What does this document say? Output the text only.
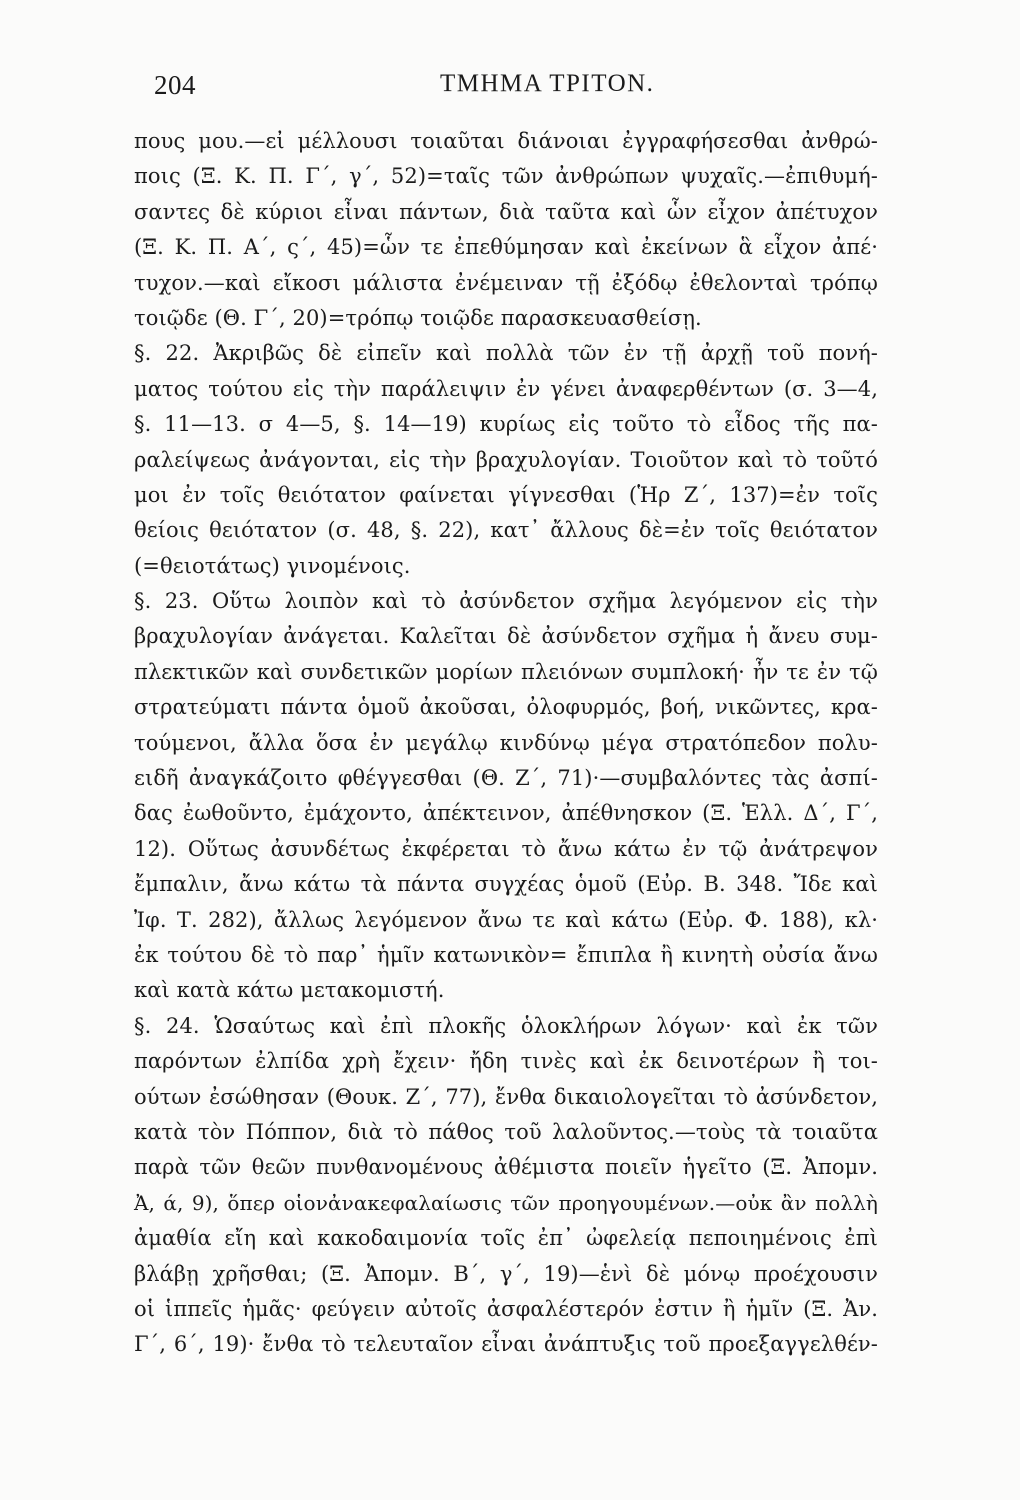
204	ΤΜΗΜΑ ΤΡΙΤΟΝ.
πους μου.—εἰ μέλλουσι τοιαῦται διάνοιαι ἐγγραφήσεσθαι ἀνθρώ-
ποις (Ξ. Κ. Π. Γ΄, γ΄, 52)=ταῖς τῶν ἀνθρώπων ψυχαῖς.—ἐπιθυμή-
σαντες δὲ κύριοι εἶναι πάντων, διὰ ταῦτα καὶ ὧν εἶχον ἀπέτυχον
(Ξ. Κ. Π. Α΄, ς΄, 45)=ὧν τε ἐπεθύμησαν καὶ ἐκείνων ἃ εἶχον ἀπέ·
τυχον.—καὶ εἴκοσι μάλιστα ἐνέμειναν τῇ ἐξόδῳ ἐθελονταὶ τρόπῳ
τοιῷδε (Θ. Γ΄, 20)=τρόπῳ τοιῷδε παρασκευασθείσῃ.
§. 22. Ἀκριβῶς δὲ εἰπεῖν καὶ πολλὰ τῶν ἐν τῇ ἀρχῇ τοῦ πονή-
ματος τούτου εἰς τὴν παράλειψιν ἐν γένει ἀναφερθέντων (σ. 3—4,
§. 11—13. σ 4—5, §. 14—19) κυρίως εἰς τοῦτο τὸ εἶδος τῆς πα-
ραλείψεως ἀνάγονται, εἰς τὴν βραχυλογίαν. Τοιοῦτον καὶ τὸ τοῦτό
μοι ἐν τοῖς θειότατον φαίνεται γίγνεσθαι (Ἡρ Ζ΄, 137)=ἐν τοῖς
θείοις θειότατον (σ. 48, §. 22), κατ᾿ ἄλλους δὲ=ἐν τοῖς θειότατον
(=θειοτάτως) γινομένοις.
§. 23. Οὕτω λοιπὸν καὶ τὸ ἀσύνδετον σχῆμα λεγόμενον εἰς τὴν
βραχυλογίαν ἀνάγεται. Καλεῖται δὲ ἀσύνδετον σχῆμα ἡ ἄνευ συμ-
πλεκτικῶν καὶ συνδετικῶν μορίων πλειόνων συμπλοκή· ἦν τε ἐν τῷ
στρατεύματι πάντα ὁμοῦ ἀκοῦσαι, ὀλοφυρμός, βοή, νικῶντες, κρα-
τούμενοι, ἄλλα ὅσα ἐν μεγάλῳ κινδύνῳ μέγα στρατόπεδον πολυ-
ειδῆ ἀναγκάζοιτο φθέγγεσθαι (Θ. Ζ΄, 71)·—συμβαλόντες τὰς ἀσπί-
δας ἐωθοῦντο, ἐμάχοντο, ἀπέκτεινον, ἀπέθνησκον (Ξ. Ἑλλ. Δ΄, Γ΄,
12). Οὕτως ἀσυνδέτως ἐκφέρεται τὸ ἄνω κάτω ἐν τῷ ἀνάτρεψον
ἔμπαλιν, ἄνω κάτω τὰ πάντα συγχέας ὁμοῦ (Εὐρ. Β. 348. Ἴδε καὶ
Ἰφ. Τ. 282), ἄλλως λεγόμενον ἄνω τε καὶ κάτω (Εὐρ. Φ. 188), κλ·
ἐκ τούτου δὲ τὸ παρ᾿ ἡμῖν κατωνικὸν= ἔπιπλα ἢ κινητὴ οὐσία ἄνω
καὶ κατὰ κάτω μετακομιστή.
§. 24. Ὡσαύτως καὶ ἐπὶ πλοκῆς ὁλοκλήρων λόγων· καὶ ἐκ τῶν
παρόντων ἐλπίδα χρὴ ἔχειν· ἤδη τινὲς καὶ ἐκ δεινοτέρων ἢ τοι-
ούτων ἐσώθησαν (Θουκ. Ζ΄, 77), ἔνθα δικαιολογεῖται τὸ ἀσύνδετον,
κατὰ τὸν Πόππον, διὰ τὸ πάθος τοῦ λαλοῦντος.—τοὺς τὰ τοιαῦτα
παρὰ τῶν θεῶν πυνθανομένους ἀθέμιστα ποιεῖν ἡγεῖτο (Ξ. Ἀπομν.
Ἀ, ά, 9), ὅπερ οἱονἀνακεφαλαίωσις τῶν προηγουμένων.—οὐκ ἂν πολλὴ
ἀμαθία εἴη καὶ κακοδαιμονία τοῖς ἐπ᾿ ὠφελείᾳ πεποιημένοις ἐπὶ
βλάβῃ χρῆσθαι; (Ξ. Ἀπομν. Β΄, γ΄, 19)—ἑνὶ δὲ μόνῳ προέχουσιν
οἱ ἱππεῖς ἡμᾶς· φεύγειν αὐτοῖς ἀσφαλέστερόν ἐστιν ἢ ἡμῖν (Ξ. Ἀν.
Γ΄, 6΄, 19)· ἔνθα τὸ τελευταῖον εἶναι ἀνάπτυξις τοῦ προεξαγγελθέν-
